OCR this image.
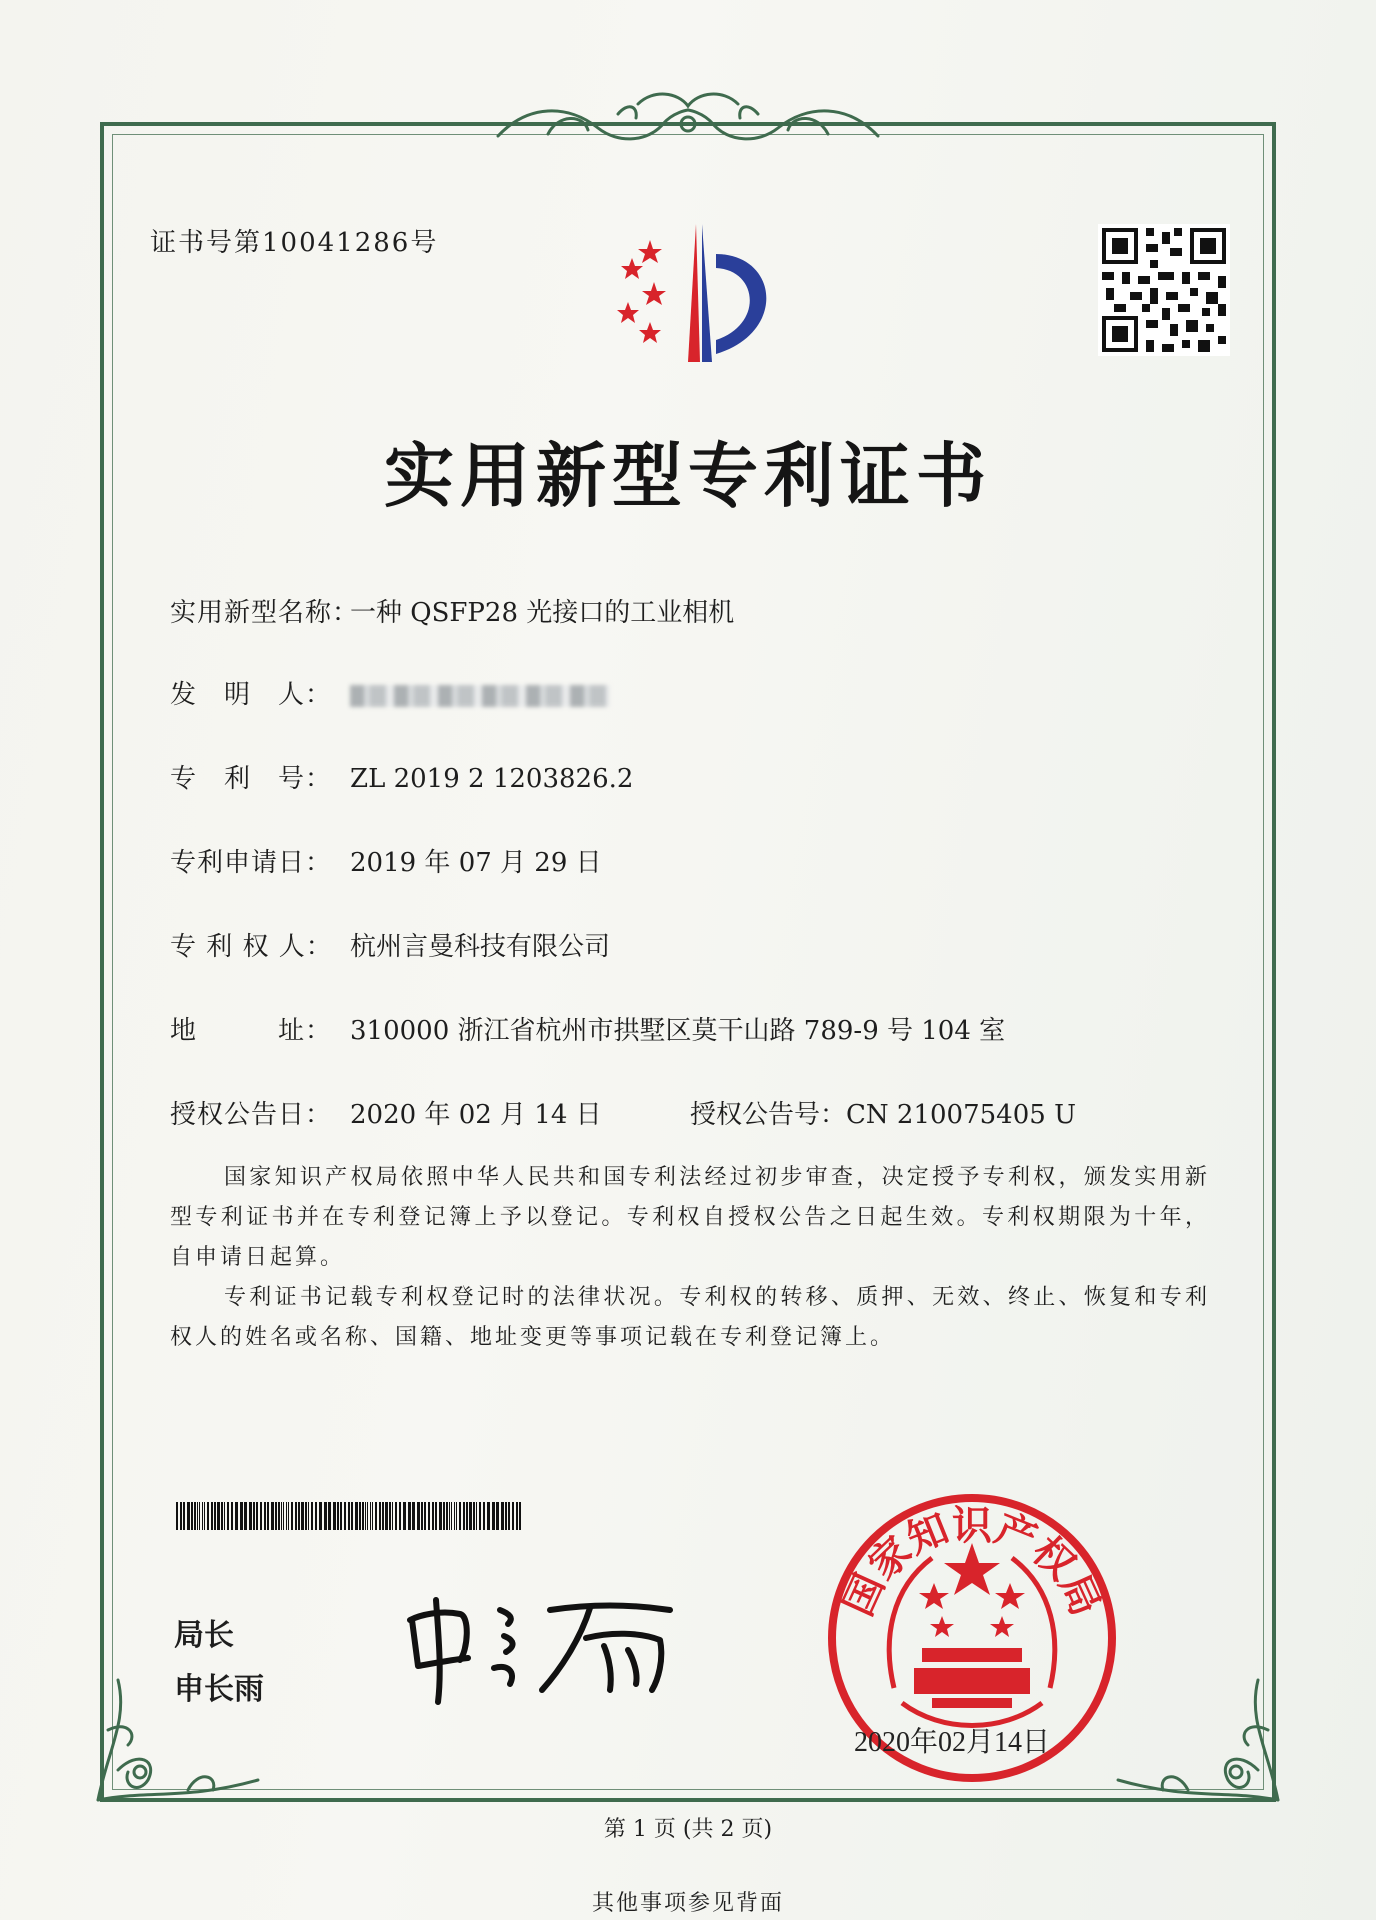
证书号第10041286号
实用新型专利证书
实用新型名称：一种 QSFP28 光接口的工业相机
发　明　人：
专　利　号： ZL 2019 2 1203826.2
专利申请日： 2019 年 07 月 29 日
专 利 权 人： 杭州言曼科技有限公司
地　　　址： 310000 浙江省杭州市拱墅区莫干山路 789-9 号 104 室
授权公告日： 2020 年 02 月 14 日	授权公告号：CN 210075405 U
国家知识产权局依照中华人民共和国专利法经过初步审查，决定授予专利权，颁发实用新型专利证书并在专利登记簿上予以登记。专利权自授权公告之日起生效。专利权期限为十年，自申请日起算。
专利证书记载专利权登记时的法律状况。专利权的转移、质押、无效、终止、恢复和专利权人的姓名或名称、国籍、地址变更等事项记载在专利登记簿上。
局长
申长雨
国家知识产权局
2020年02月14日
第 1 页 (共 2 页)
其他事项参见背面
